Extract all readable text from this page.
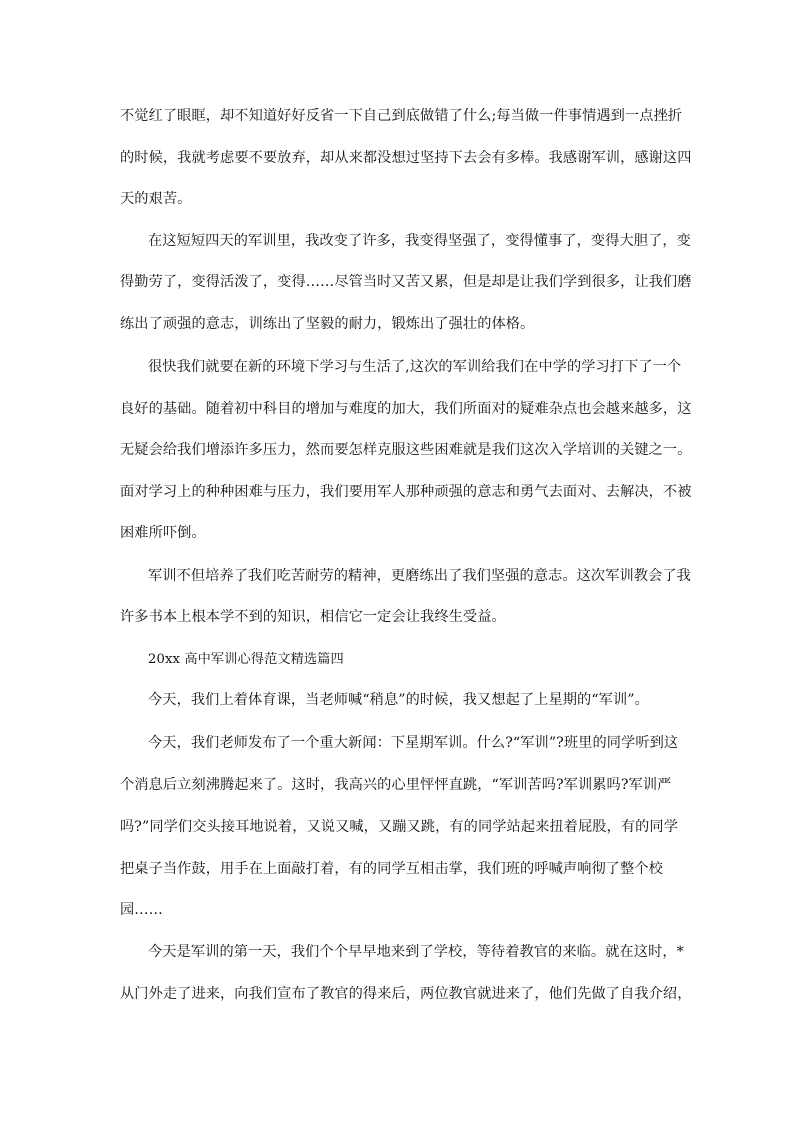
不觉红了眼眶，却不知道好好反省一下自己到底做错了什么;每当做一件事情遇到一点挫折
的时候，我就考虑要不要放弃，却从来都没想过坚持下去会有多棒。我感谢军训，感谢这四
天的艰苦。
在这短短四天的军训里，我改变了许多，我变得坚强了，变得懂事了，变得大胆了，变
得勤劳了，变得活泼了，变得……尽管当时又苦又累，但是却是让我们学到很多，让我们磨
练出了顽强的意志，训练出了坚毅的耐力，锻炼出了强壮的体格。
很快我们就要在新的环境下学习与生活了,这次的军训给我们在中学的学习打下了一个
良好的基础。随着初中科目的增加与难度的加大，我们所面对的疑难杂点也会越来越多，这
无疑会给我们增添许多压力，然而要怎样克服这些困难就是我们这次入学培训的关键之一。
面对学习上的种种困难与压力，我们要用军人那种顽强的意志和勇气去面对、去解决，不被
困难所吓倒。
军训不但培养了我们吃苦耐劳的精神，更磨练出了我们坚强的意志。这次军训教会了我
许多书本上根本学不到的知识，相信它一定会让我终生受益。
20xx 高中军训心得范文精选篇四
今天，我们上着体育课，当老师喊“稍息”的时候，我又想起了上星期的“军训”。
今天，我们老师发布了一个重大新闻：下星期军训。什么?“军训”?班里的同学听到这
个消息后立刻沸腾起来了。这时，我高兴的心里怦怦直跳，“军训苦吗?军训累吗?军训严
吗?”同学们交头接耳地说着，又说又喊，又蹦又跳，有的同学站起来扭着屁股，有的同学
把桌子当作鼓，用手在上面敲打着，有的同学互相击掌，我们班的呼喊声响彻了整个校
园……
今天是军训的第一天，我们个个早早地来到了学校，等待着教官的来临。就在这时，*
从门外走了进来，向我们宣布了教官的得来后，两位教官就进来了，他们先做了自我介绍，
